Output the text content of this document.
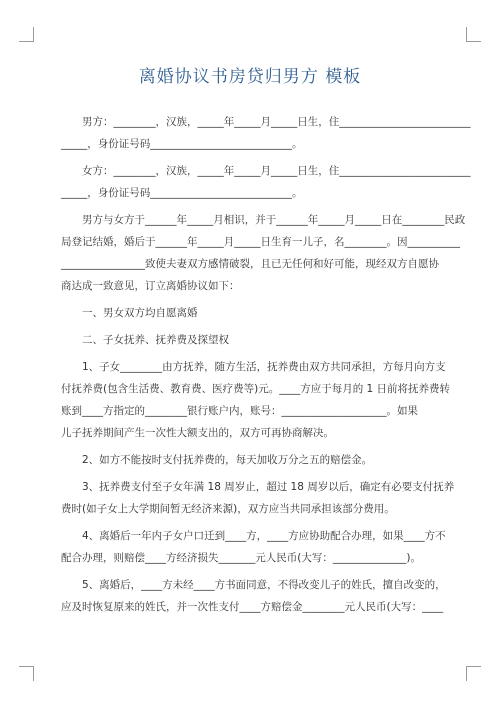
离婚协议书房贷归男方 模板

男方：________，汉族，_____年_____月_____日生，住_________________________

_____，身份证号码___________________________。

女方：________，汉族，_____年_____月_____日生，住_________________________

_____，身份证号码___________________________。

男方与女方于______年_____月相识，并于______年_____月_____日在________民政

局登记结婚，婚后于______年_____月_____日生育一儿子，名________。因__________

________________致使夫妻双方感情破裂，且已无任何和好可能，现经双方自愿协

商达成一致意见，订立离婚协议如下：

一、男女双方均自愿离婚

二、子女抚养、抚养费及探望权

1、子女________由方抚养，随方生活，抚养费由双方共同承担，方每月向方支

付抚养费(包含生活费、教育费、医疗费等)元。____方应于每月的 1 日前将抚养费转

账到____方指定的________银行账户内，账号：____________________。如果

儿子抚养期间产生一次性大额支出的，双方可再协商解决。

2、如方不能按时支付抚养费的，每天加收万分之五的赔偿金。

3、抚养费支付至子女年满 18 周岁止，超过 18 周岁以后，确定有必要支付抚养

费时(如子女上大学期间暂无经济来源)，双方应当共同承担该部分费用。

4、离婚后一年内子女户口迁到____方，____方应协助配合办理，如果____方不

配合办理，则赔偿____方经济损失_______元人民币(大写：______________)。

5、离婚后，____方未经____方书面同意，不得改变儿子的姓氏，擅自改变的，

应及时恢复原来的姓氏，并一次性支付____方赔偿金________元人民币(大写：____
